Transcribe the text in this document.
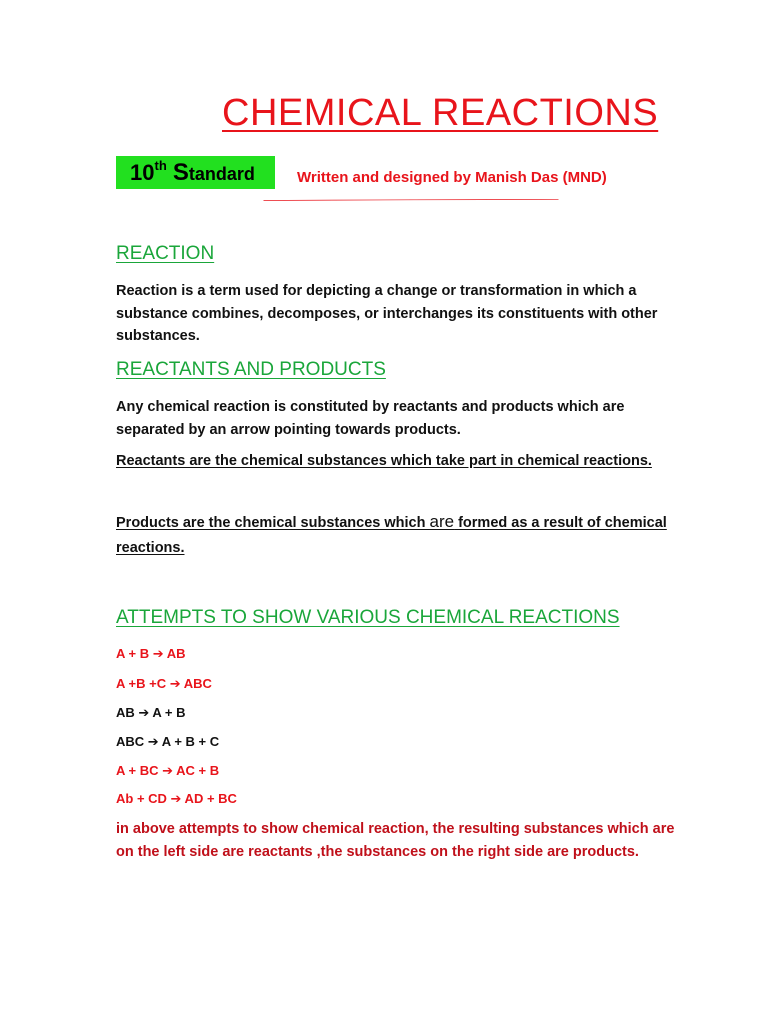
CHEMICAL REACTIONS
10th Standard	Written and designed by Manish Das (MND)
REACTION

Reaction is a term used for depicting a change or transformation in which a substance combines, decomposes, or interchanges its constituents with other substances.

REACTANTS AND PRODUCTS

Any chemical reaction is constituted by reactants and products which are separated by an arrow pointing towards products.

Reactants are the chemical substances which take part in chemical reactions.

Products are the chemical substances which are formed as a result of chemical reactions.

ATTEMPTS TO SHOW VARIOUS CHEMICAL REACTIONS
A + B ➔ AB
A +B +C ➔ ABC
AB ➔ A + B
ABC ➔ A + B + C
A + BC ➔ AC + B
Ab + CD ➔ AD + BC

in above attempts to show chemical reaction, the resulting substances which are on the left side are reactants ,the substances on the right side are products.
